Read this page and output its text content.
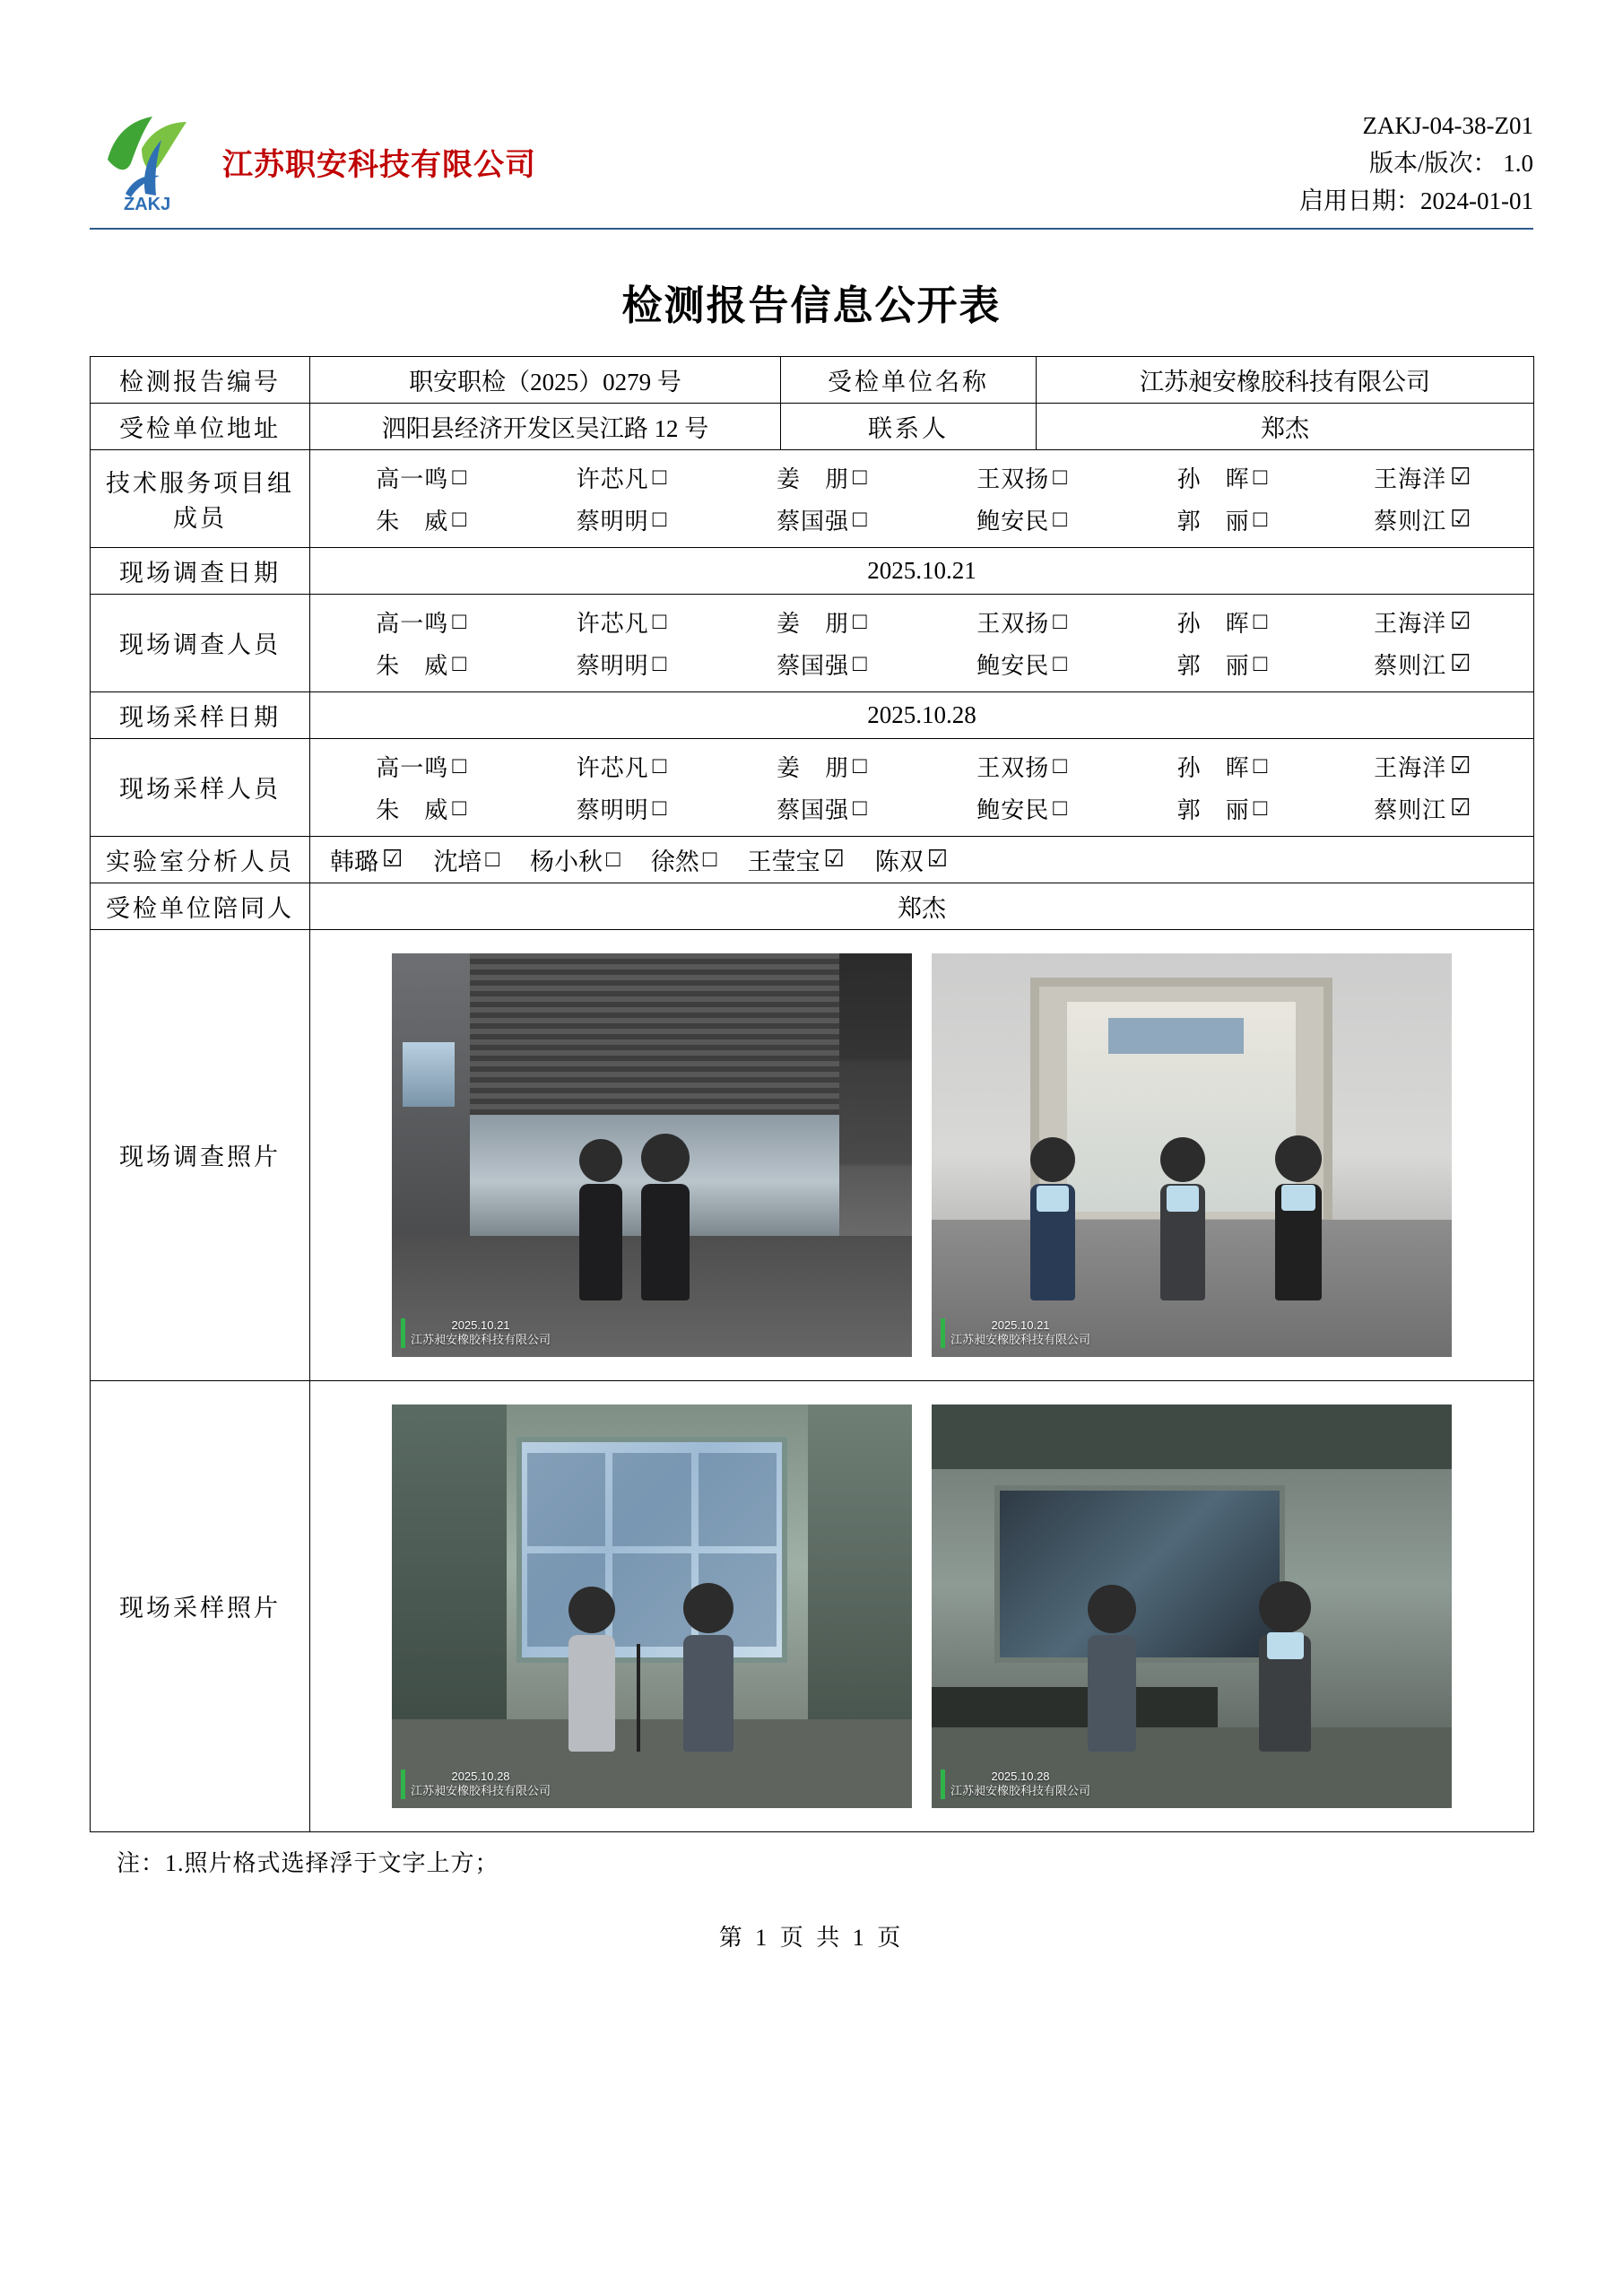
ZAKJ
江苏职安科技有限公司
ZAKJ-04-38-Z01
版本/版次： 1.0
启用日期：2024-01-01
检测报告信息公开表
检测报告编号	职安职检（2025）0279 号	受检单位名称	江苏昶安橡胶科技有限公司
受检单位地址	泗阳县经济开发区吴江路 12 号	联系人	郑杰
技术服务项目组成员	
高一鸣 □	许芯凡 □	姜　朋 □	王双扬 □	孙　晖 □	王海洋 ☑
朱　威 □	蔡明明 □	蔡国强 □	鲍安民 □	郭　丽 □	蔡则江 ☑

现场调查日期	2025.10.21		
现场调查人员	
高一鸣 □	许芯凡 □	姜　朋 □	王双扬 □	孙　晖 □	王海洋 ☑
朱　威 □	蔡明明 □	蔡国强 □	鲍安民 □	郭　丽 □	蔡则江 ☑

现场采样日期	2025.10.28		
现场采样人员	
高一鸣 □	许芯凡 □	姜　朋 □	王双扬 □	孙　晖 □	王海洋 ☑
朱　威 □	蔡明明 □	蔡国强 □	鲍安民 □	郭　丽 □	蔡则江 ☑

实验室分析人员	韩璐 ☑ 沈培 □ 杨小秋 □ 徐然 □ 王莹宝 ☑ 陈双 ☑

受检单位陪同人	郑杰		
现场调查照片	2025.10.21
江苏昶安橡胶科技有限公司
2025.10.21
江苏昶安橡胶科技有限公司		

现场采样照片	2025.10.28
江苏昶安橡胶科技有限公司
2025.10.28
江苏昶安橡胶科技有限公司		
注：1.照片格式选择浮于文字上方；
第 1 页 共 1 页
